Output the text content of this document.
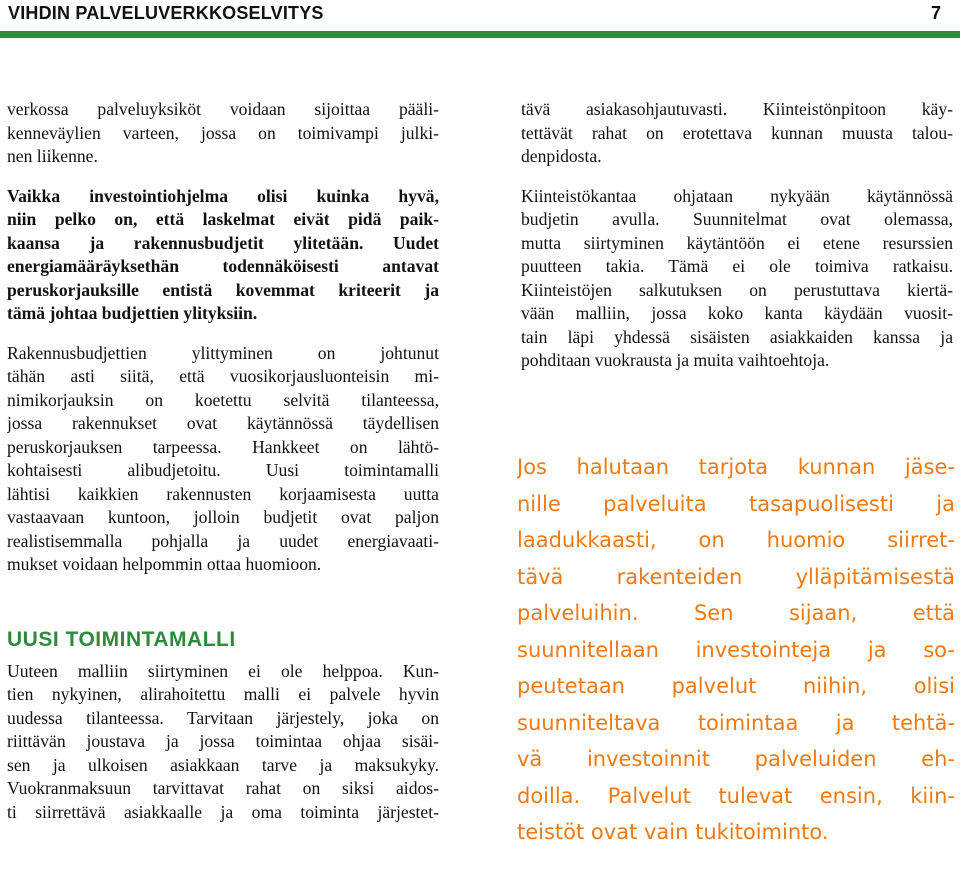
VIHDIN PALVELUVERKKOSELVITYS	7
verkossa palveluyksiköt voidaan sijoittaa pääli-
kenneväylien varteen, jossa on toimivampi julki-
nen liikenne.
Vaikka investointiohjelma olisi kuinka hyvä,
niin pelko on, että laskelmat eivät pidä paik-
kaansa ja rakennusbudjetit ylitetään. Uudet
energiamääräyksethän todennäköisesti antavat
peruskorjauksille entistä kovemmat kriteerit ja
tämä johtaa budjettien ylityksiin.
Rakennusbudjettien ylittyminen on johtunut
tähän asti siitä, että vuosikorjausluonteisin mi-
nimikorjauksin on koetettu selvitä tilanteessa,
jossa rakennukset ovat käytännössä täydellisen
peruskorjauksen tarpeessa. Hankkeet on lähtö-
kohtaisesti alibudjetoitu. Uusi toimintamalli
lähtisi kaikkien rakennusten korjaamisesta uutta
vastaavaan kuntoon, jolloin budjetit ovat paljon
realistisemmalla pohjalla ja uudet energiavaati-
mukset voidaan helpommin ottaa huomioon.
UUSI TOIMINTAMALLI
Uuteen malliin siirtyminen ei ole helppoa. Kun-
tien nykyinen, alirahoitettu malli ei palvele hyvin
uudessa tilanteessa. Tarvitaan järjestely, joka on
riittävän joustava ja jossa toimintaa ohjaa sisäi-
sen ja ulkoisen asiakkaan tarve ja maksukyky.
Vuokranmaksuun tarvittavat rahat on siksi aidos-
ti siirrettävä asiakkaalle ja oma toiminta järjestet-
tävä asiakasohjautuvasti. Kiinteistönpitoon käy-
tettävät rahat on erotettava kunnan muusta talou-
denpidosta.
Kiinteistökantaa ohjataan nykyään käytännössä
budjetin avulla. Suunnitelmat ovat olemassa,
mutta siirtyminen käytäntöön ei etene resurssien
puutteen takia. Tämä ei ole toimiva ratkaisu.
Kiinteistöjen salkutuksen on perustuttava kiertä-
vään malliin, jossa koko kanta käydään vuosit-
tain läpi yhdessä sisäisten asiakkaiden kanssa ja
pohditaan vuokrausta ja muita vaihtoehtoja.
Jos halutaan tarjota kunnan jäse-
nille palveluita tasapuolisesti ja
laadukkaasti, on huomio siirret-
tävä rakenteiden ylläpitämisestä
palveluihin. Sen sijaan, että
suunnitellaan investointeja ja so-
peutetaan palvelut niihin, olisi
suunniteltava toimintaa ja tehtä-
vä investoinnit palveluiden eh-
doilla. Palvelut tulevat ensin, kiin-
teistöt ovat vain tukitoiminto.
